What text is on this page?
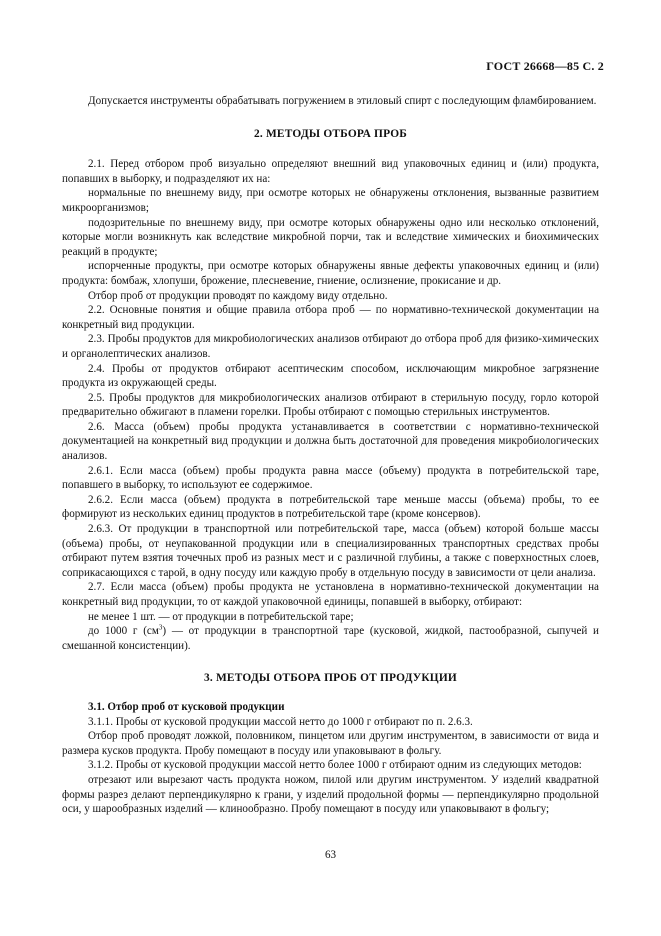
ГОСТ 26668—85 С. 2

Допускается инструменты обрабатывать погружением в этиловый спирт с последующим фламбированием.

2. МЕТОДЫ ОТБОРА ПРОБ

2.1. Перед отбором проб визуально определяют внешний вид упаковочных единиц и (или) продукта, попавших в выборку, и подразделяют их на:

нормальные по внешнему виду, при осмотре которых не обнаружены отклонения, вызванные развитием микроорганизмов;

подозрительные по внешнему виду, при осмотре которых обнаружены одно или несколько отклонений, которые могли возникнуть как вследствие микробной порчи, так и вследствие химических и биохимических реакций в продукте;

испорченные продукты, при осмотре которых обнаружены явные дефекты упаковочных единиц и (или) продукта: бомбаж, хлопуши, брожение, плесневение, гниение, ослизнение, прокисание и др.

Отбор проб от продукции проводят по каждому виду отдельно.

2.2. Основные понятия и общие правила отбора проб — по нормативно-технической документации на конкретный вид продукции.

2.3. Пробы продуктов для микробиологических анализов отбирают до отбора проб для физико-химических и органолептических анализов.

2.4. Пробы от продуктов отбирают асептическим способом, исключающим микробное загрязнение продукта из окружающей среды.

2.5. Пробы продуктов для микробиологических анализов отбирают в стерильную посуду, горло которой предварительно обжигают в пламени горелки. Пробы отбирают с помощью стерильных инструментов.

2.6. Масса (объем) пробы продукта устанавливается в соответствии с нормативно-технической документацией на конкретный вид продукции и должна быть достаточной для проведения микробиологических анализов.

2.6.1. Если масса (объем) пробы продукта равна массе (объему) продукта в потребительской таре, попавшего в выборку, то используют ее содержимое.

2.6.2. Если масса (объем) продукта в потребительской таре меньше массы (объема) пробы, то ее формируют из нескольких единиц продуктов в потребительской таре (кроме консервов).

2.6.3. От продукции в транспортной или потребительской таре, масса (объем) которой больше массы (объема) пробы, от неупакованной продукции или в специализированных транспортных средствах пробы отбирают путем взятия точечных проб из разных мест и с различной глубины, а также с поверхностных слоев, соприкасающихся с тарой, в одну посуду или каждую пробу в отдельную посуду в зависимости от цели анализа.

2.7. Если масса (объем) пробы продукта не установлена в нормативно-технической документации на конкретный вид продукции, то от каждой упаковочной единицы, попавшей в выборку, отбирают:

не менее 1 шт. — от продукции в потребительской таре;

до 1000 г $(см^3)$ — от продукции в транспортной таре (кусковой, жидкой, пастообразной, сыпучей и смешанной консистенции).

3. МЕТОДЫ ОТБОРА ПРОБ ОТ ПРОДУКЦИИ

3.1. Отбор проб от кусковой продукции

3.1.1. Пробы от кусковой продукции массой нетто до 1000 г отбирают по п. 2.6.3.

Отбор проб проводят ложкой, половником, пинцетом или другим инструментом, в зависимости от вида и размера кусков продукта. Пробу помещают в посуду или упаковывают в фольгу.

3.1.2. Пробы от кусковой продукции массой нетто более 1000 г отбирают одним из следующих методов:

отрезают или вырезают часть продукта ножом, пилой или другим инструментом. У изделий квадратной формы разрез делают перпендикулярно к грани, у изделий продольной формы — перпендикулярно продольной оси, у шарообразных изделий — клинообразно. Пробу помещают в посуду или упаковывают в фольгу;

63
